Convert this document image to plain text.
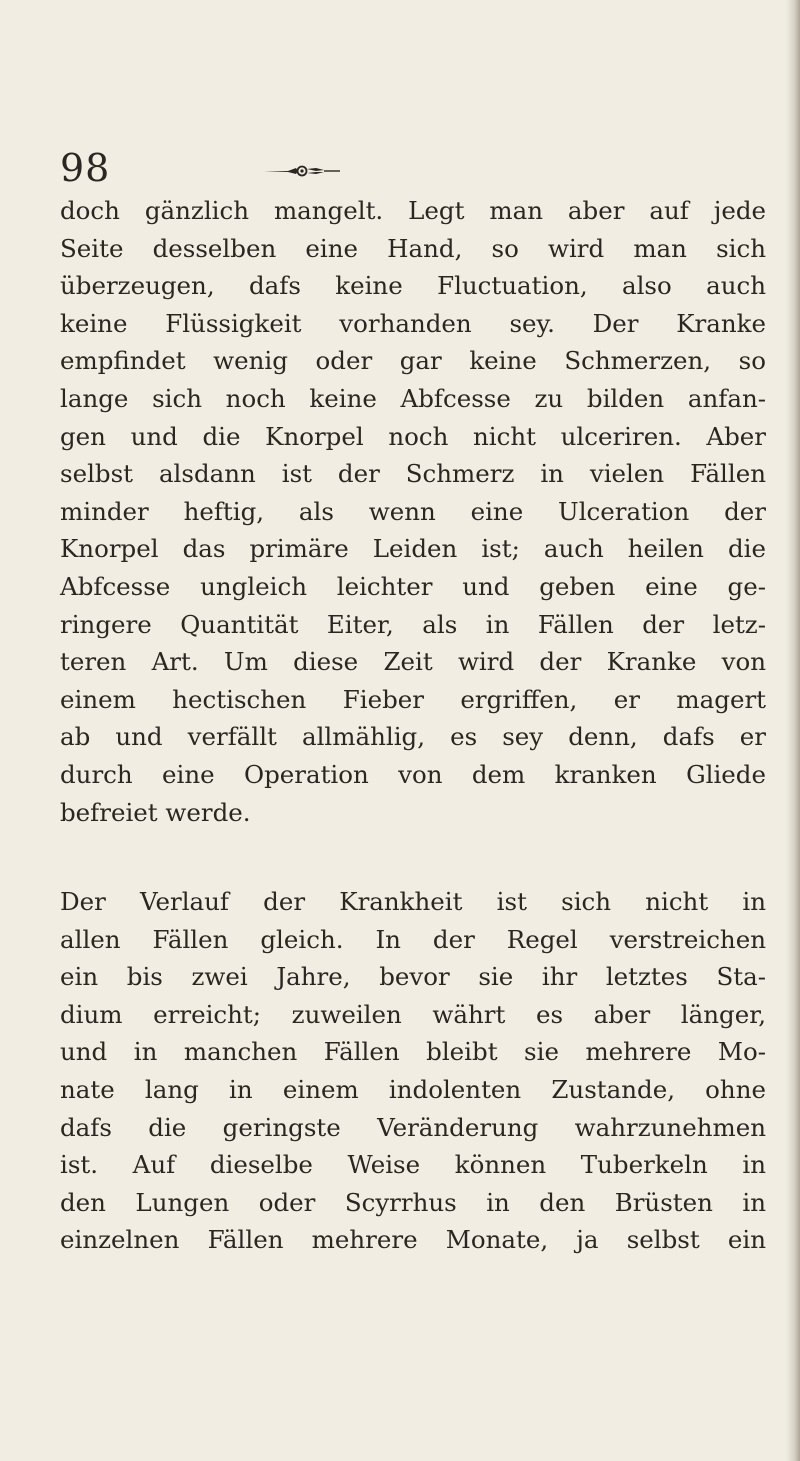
98
doch gänzlich mangelt. Legt man aber auf jede
Seite desselben eine Hand, so wird man sich
überzeugen, dafs keine Fluctuation, also auch
keine Flüssigkeit vorhanden sey. Der Kranke
empfindet wenig oder gar keine Schmerzen, so
lange sich noch keine Abfcesse zu bilden anfan-
gen und die Knorpel noch nicht ulceriren. Aber
selbst alsdann ist der Schmerz in vielen Fällen
minder heftig, als wenn eine Ulceration der
Knorpel das primäre Leiden ist; auch heilen die
Abfcesse ungleich leichter und geben eine ge-
ringere Quantität Eiter, als in Fällen der letz-
teren Art. Um diese Zeit wird der Kranke von
einem hectischen Fieber ergriffen, er magert
ab und verfällt allmählig, es sey denn, dafs er
durch eine Operation von dem kranken Gliede
befreiet werde.
Der Verlauf der Krankheit ist sich nicht in
allen Fällen gleich. In der Regel verstreichen
ein bis zwei Jahre, bevor sie ihr letztes Sta-
dium erreicht; zuweilen währt es aber länger,
und in manchen Fällen bleibt sie mehrere Mo-
nate lang in einem indolenten Zustande, ohne
dafs die geringste Veränderung wahrzunehmen
ist. Auf dieselbe Weise können Tuberkeln in
den Lungen oder Scyrrhus in den Brüsten in
einzelnen Fällen mehrere Monate, ja selbst ein
